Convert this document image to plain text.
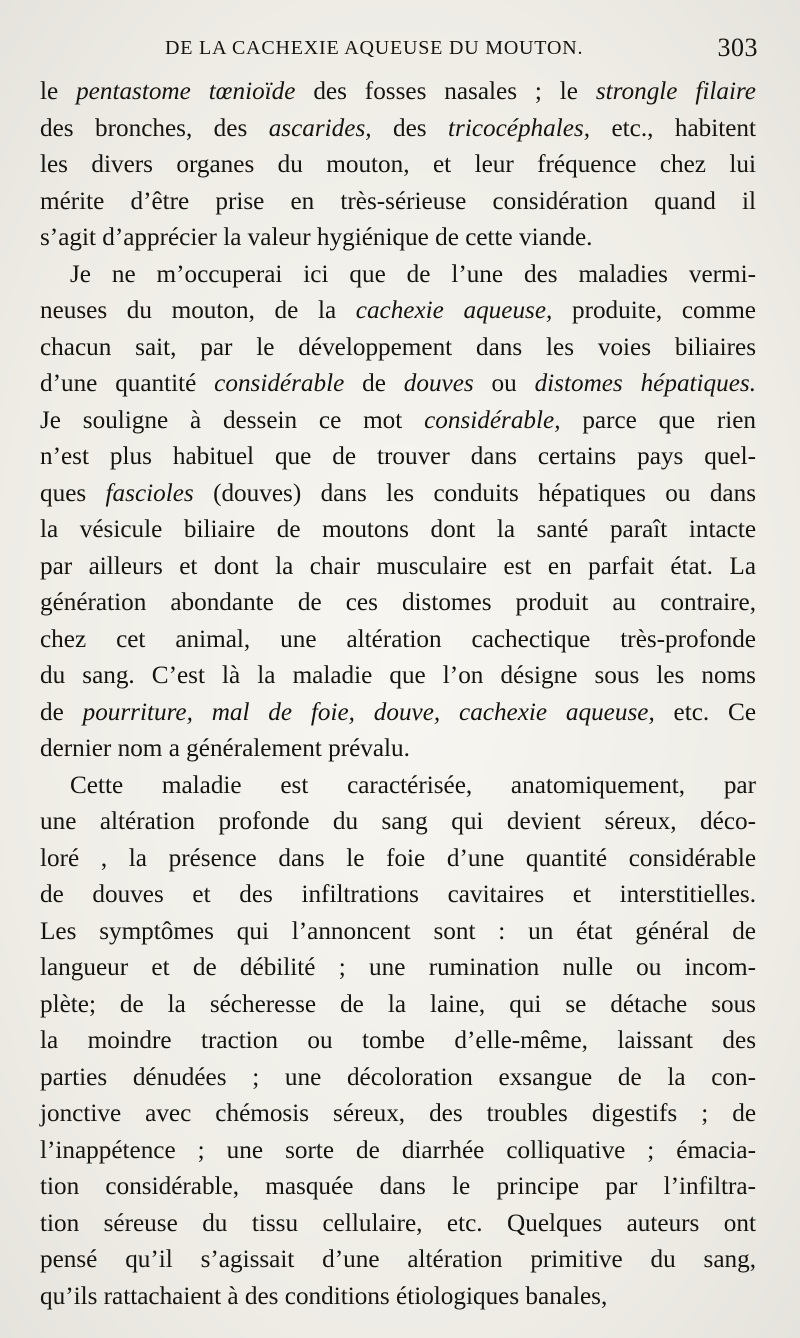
DE LA CACHEXIE AQUEUSE DU MOUTON.	303
le pentastome tœnioïde des fosses nasales ; le strongle filaire
des bronches, des ascarides, des tricocéphales, etc., habitent
les divers organes du mouton, et leur fréquence chez lui
mérite d’être prise en très-sérieuse considération quand il
s’agit d’apprécier la valeur hygiénique de cette viande.
Je ne m’occuperai ici que de l’une des maladies vermi-
neuses du mouton, de la cachexie aqueuse, produite, comme
chacun sait, par le développement dans les voies biliaires
d’une quantité considérable de douves ou distomes hépatiques.
Je souligne à dessein ce mot considérable, parce que rien
n’est plus habituel que de trouver dans certains pays quel-
ques fascioles (douves) dans les conduits hépatiques ou dans
la vésicule biliaire de moutons dont la santé paraît intacte
par ailleurs et dont la chair musculaire est en parfait état. La
génération abondante de ces distomes produit au contraire,
chez cet animal, une altération cachectique très-profonde
du sang. C’est là la maladie que l’on désigne sous les noms
de pourriture, mal de foie, douve, cachexie aqueuse, etc. Ce
dernier nom a généralement prévalu.
Cette maladie est caractérisée, anatomiquement, par
une altération profonde du sang qui devient séreux, déco-
loré , la présence dans le foie d’une quantité considérable
de douves et des infiltrations cavitaires et interstitielles.
Les symptômes qui l’annoncent sont : un état général de
langueur et de débilité ; une rumination nulle ou incom-
plète; de la sécheresse de la laine, qui se détache sous
la moindre traction ou tombe d’elle-même, laissant des
parties dénudées ; une décoloration exsangue de la con-
jonctive avec chémosis séreux, des troubles digestifs ; de
l’inappétence ; une sorte de diarrhée colliquative ; émacia-
tion considérable, masquée dans le principe par l’infiltra-
tion séreuse du tissu cellulaire, etc. Quelques auteurs ont
pensé qu’il s’agissait d’une altération primitive du sang,
qu’ils rattachaient à des conditions étiologiques banales,
